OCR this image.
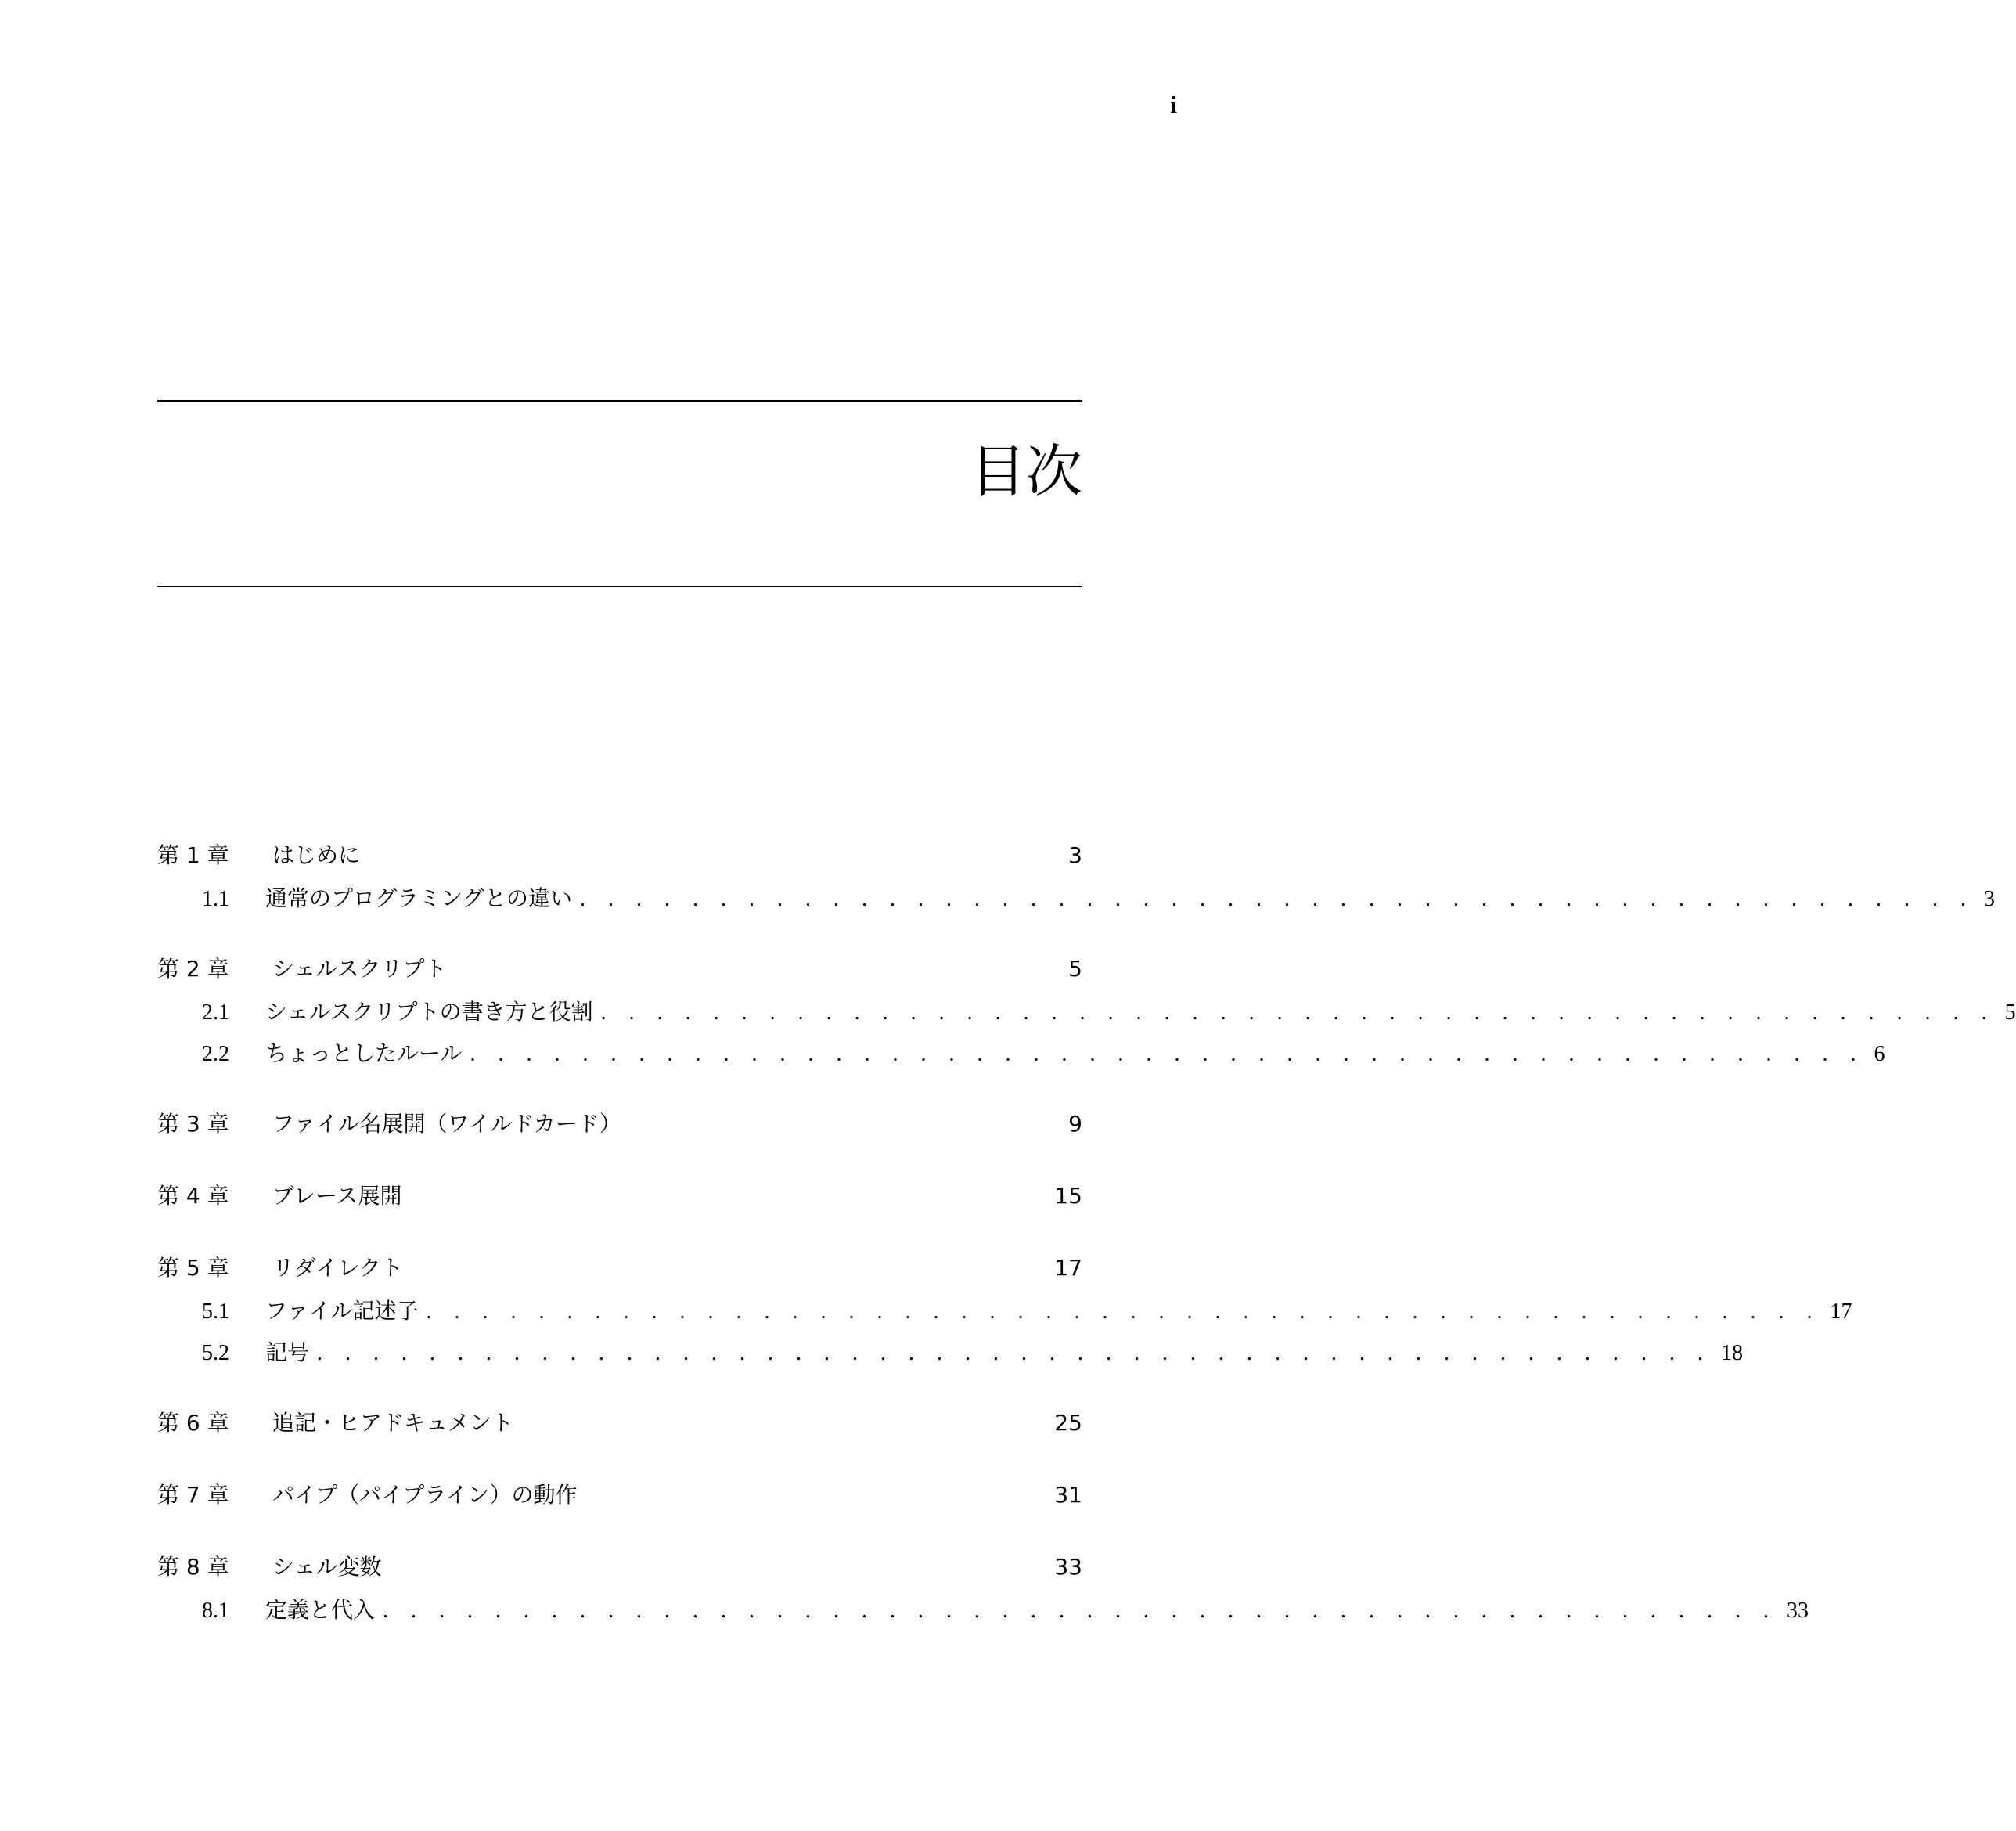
i
目次
第 1 章	はじめに	3
1.1 通常のプログラミングとの違い . . . . . . . . . . . . . . . . . . . . . . . . . . . . . . . . . . . . . . . . . . . . . . . . . . 3
第 2 章	シェルスクリプト	5
2.1 シェルスクリプトの書き方と役割 . . . . . . . . . . . . . . . . . . . . . . . . . . . . . . . . . . . . . . . . . . . . . . . . . . 5
2.2 ちょっとしたルール . . . . . . . . . . . . . . . . . . . . . . . . . . . . . . . . . . . . . . . . . . . . . . . . . . 6
第 3 章	ファイル名展開（ワイルドカード）	9
第 4 章	ブレース展開	15
第 5 章	リダイレクト	17
5.1 ファイル記述子 . . . . . . . . . . . . . . . . . . . . . . . . . . . . . . . . . . . . . . . . . . . . . . . . . . 17
5.2 記号 . . . . . . . . . . . . . . . . . . . . . . . . . . . . . . . . . . . . . . . . . . . . . . . . . . 18
第 6 章	追記・ヒアドキュメント	25
第 7 章	パイプ（パイプライン）の動作	31
第 8 章	シェル変数	33
8.1 定義と代入 . . . . . . . . . . . . . . . . . . . . . . . . . . . . . . . . . . . . . . . . . . . . . . . . . . 33
